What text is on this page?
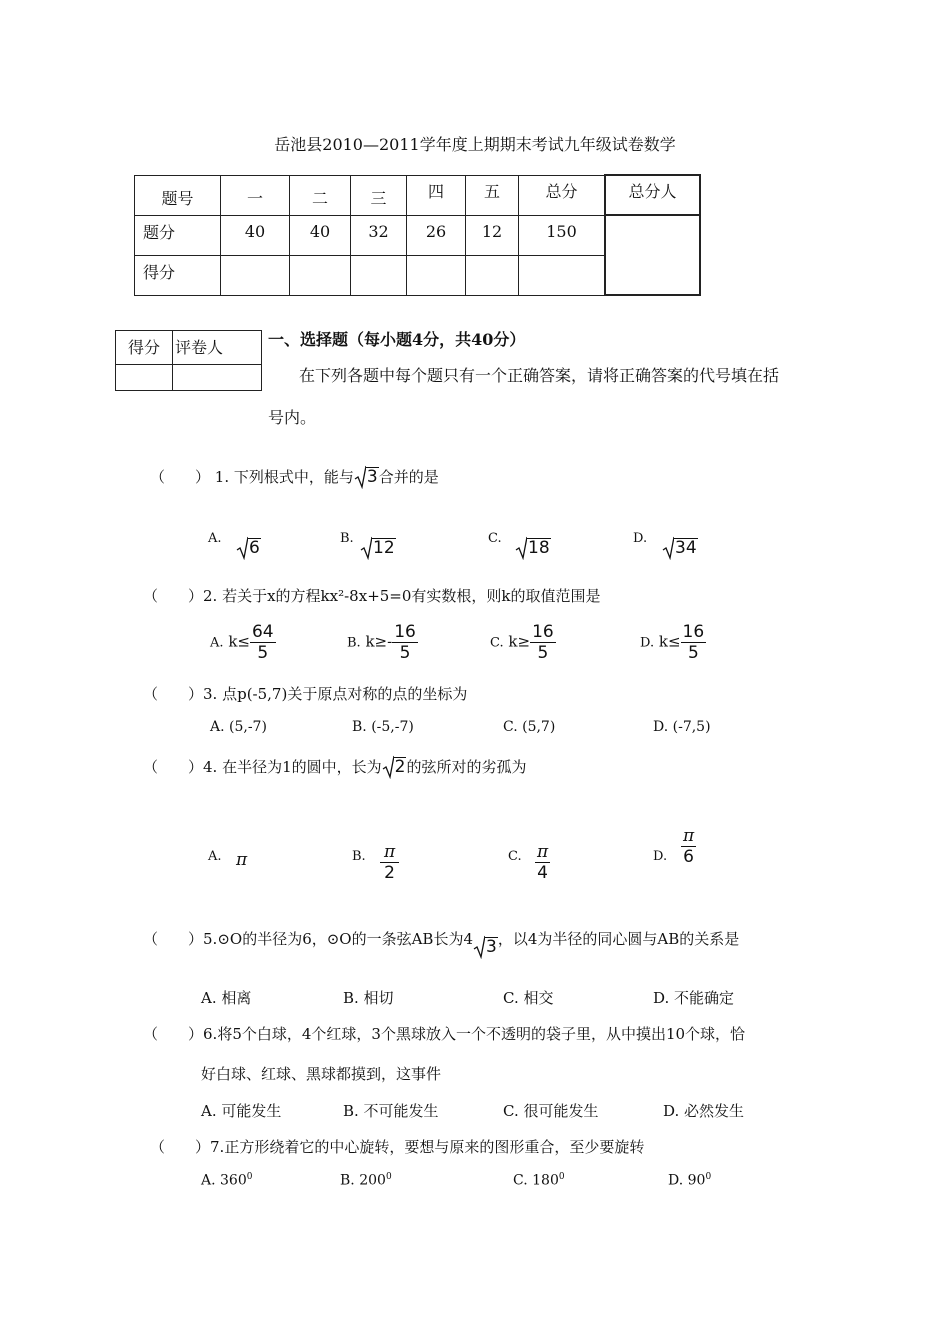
岳池县2010—2011学年度上期期末考试九年级试卷数学
题号	一	二	三	四	五	总分	总分人
题分	40	40	32	26	12	150	
得分							
得分	评卷人
		一、选择题（每小题4分，共40分）
在下列各题中每个题只有一个正确答案，请将正确答案的代号填在括
号内。
（　　） 1. 下列根式中，能与 3合并的是
A.	6	B.	12	C.	18	D.	34
（　　）2. 若关于x的方程kx²-8x+5=0有实数根，则k的取值范围是
A. $k\le \frac{64}{5}$	B. $k\ge- \frac{16}{5}$	C. $k\ge \frac{16}{5}$	D. $k\le \frac{16}{5}$
（　　）3. 点p(-5,7)关于原点对称的点的坐标为
A. (5,-7)	B. (-5,-7)	C. (5,7)	D. (-7,5)
（　　）4. 在半径为1的圆中，长为 2的弦所对的劣孤为
A. π	B. $\frac{\pi}{2}$	C. $\frac{\pi}{4}$	D. $\frac{\pi}{6}$
（　　）5.⊙O的半径为6，⊙O的一条弦AB长为4 3，以4为半径的同心圆与AB的关系是
A. 相离	B. 相切	C. 相交	D. 不能确定
（　　）6.将5个白球，4个红球，3个黑球放入一个不透明的袋子里，从中摸出10个球，恰
好白球、红球、黑球都摸到，这事件
A. 可能发生	B. 不可能发生	C. 很可能发生	D. 必然发生
（　　）7.正方形绕着它的中心旋转，要想与原来的图形重合，至少要旋转
A. $360^0$	B. $200^0$	C. $180^0$	D. $90^0$
